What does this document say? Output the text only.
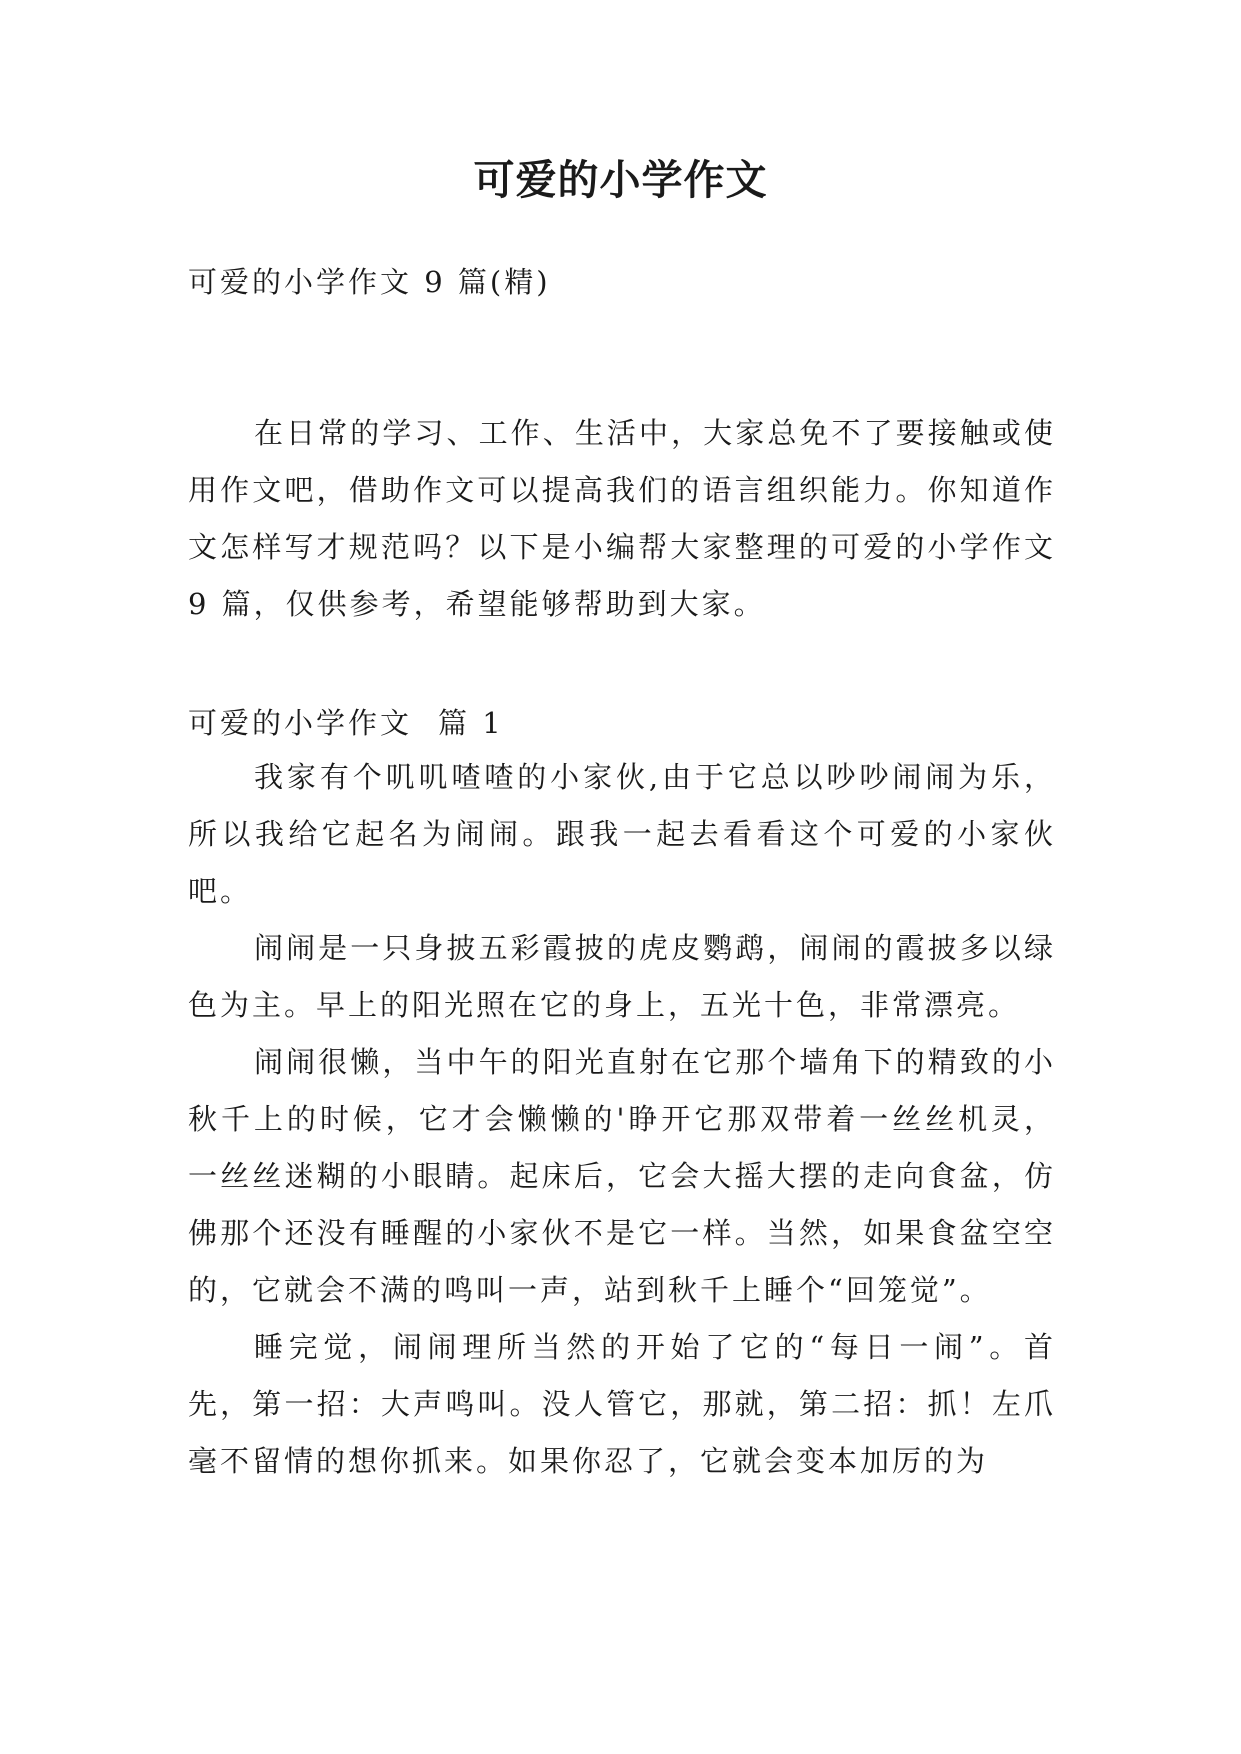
可爱的小学作文
可爱的小学作文 9 篇(精)

在日常的学习、工作、生活中，大家总免不了要接触或使用作文吧，借助作文可以提高我们的语言组织能力。你知道作文怎样写才规范吗？以下是小编帮大家整理的可爱的小学作文 9 篇，仅供参考，希望能够帮助到大家。

可爱的小学作文 篇 1

我家有个叽叽喳喳的小家伙,由于它总以吵吵闹闹为乐，所以我给它起名为闹闹。跟我一起去看看这个可爱的小家伙吧。

闹闹是一只身披五彩霞披的虎皮鹦鹉，闹闹的霞披多以绿色为主。早上的阳光照在它的身上，五光十色，非常漂亮。

闹闹很懒，当中午的阳光直射在它那个墙角下的精致的小秋千上的时候，它才会懒懒的'睁开它那双带着一丝丝机灵，一丝丝迷糊的小眼睛。起床后，它会大摇大摆的走向食盆，仿佛那个还没有睡醒的小家伙不是它一样。当然，如果食盆空空的，它就会不满的鸣叫一声，站到秋千上睡个“回笼觉”。

睡完觉，闹闹理所当然的开始了它的“每日一闹”。首先，第一招：大声鸣叫。没人管它，那就，第二招：抓！左爪毫不留情的想你抓来。如果你忍了，它就会变本加厉的为
